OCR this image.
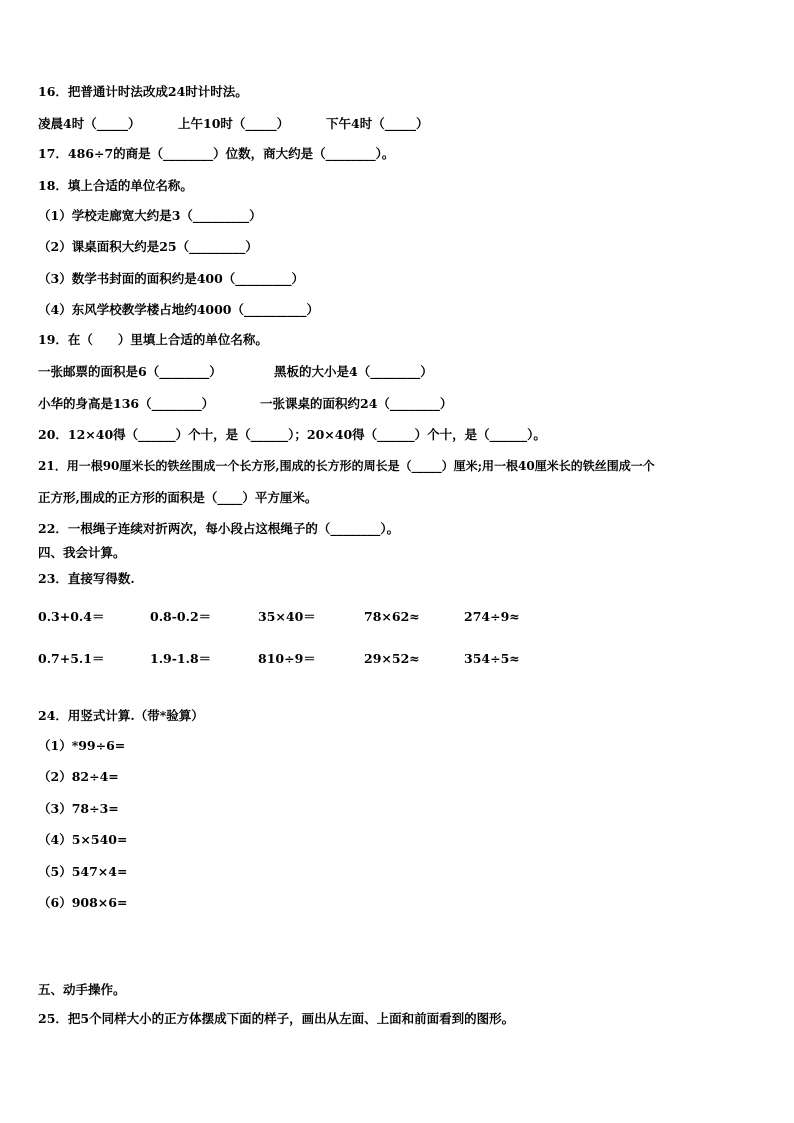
16．把普通计时法改成24时计时法。
凌晨4时（_____）	上午10时（_____）	下午4时（_____）
17．486÷7的商是（________）位数，商大约是（________）。
18．填上合适的单位名称。
（1）学校走廊宽大约是3（_________）
（2）课桌面积大约是25（_________）
（3）数学书封面的面积约是400（_________）
（4）东风学校教学楼占地约4000（__________）
19．在（　　）里填上合适的单位名称。
一张邮票的面积是6（________）	黑板的大小是4（________）
小华的身高是136（________）	一张课桌的面积约24（________）
20．12×40得（______）个十，是（______）；20×40得（______）个十，是（______）。
21．用一根90厘米长的铁丝围成一个长方形,围成的长方形的周长是（_____）厘米;用一根40厘米长的铁丝围成一个
正方形,围成的正方形的面积是（____）平方厘米。
22．一根绳子连续对折两次，每小段占这根绳子的（________）。
四、我会计算。
23．直接写得数.
0.3+0.4＝	0.8-0.2＝	35×40＝	78×62≈	274÷9≈
0.7+5.1＝	1.9-1.8＝	810÷9＝	29×52≈	354÷5≈
24．用竖式计算.（带*验算）
（1）*99÷6=
（2）82÷4=
（3）78÷3=
（4）5×540=
（5）547×4=
（6）908×6=
五、动手操作。
25．把5个同样大小的正方体摆成下面的样子，画出从左面、上面和前面看到的图形。
